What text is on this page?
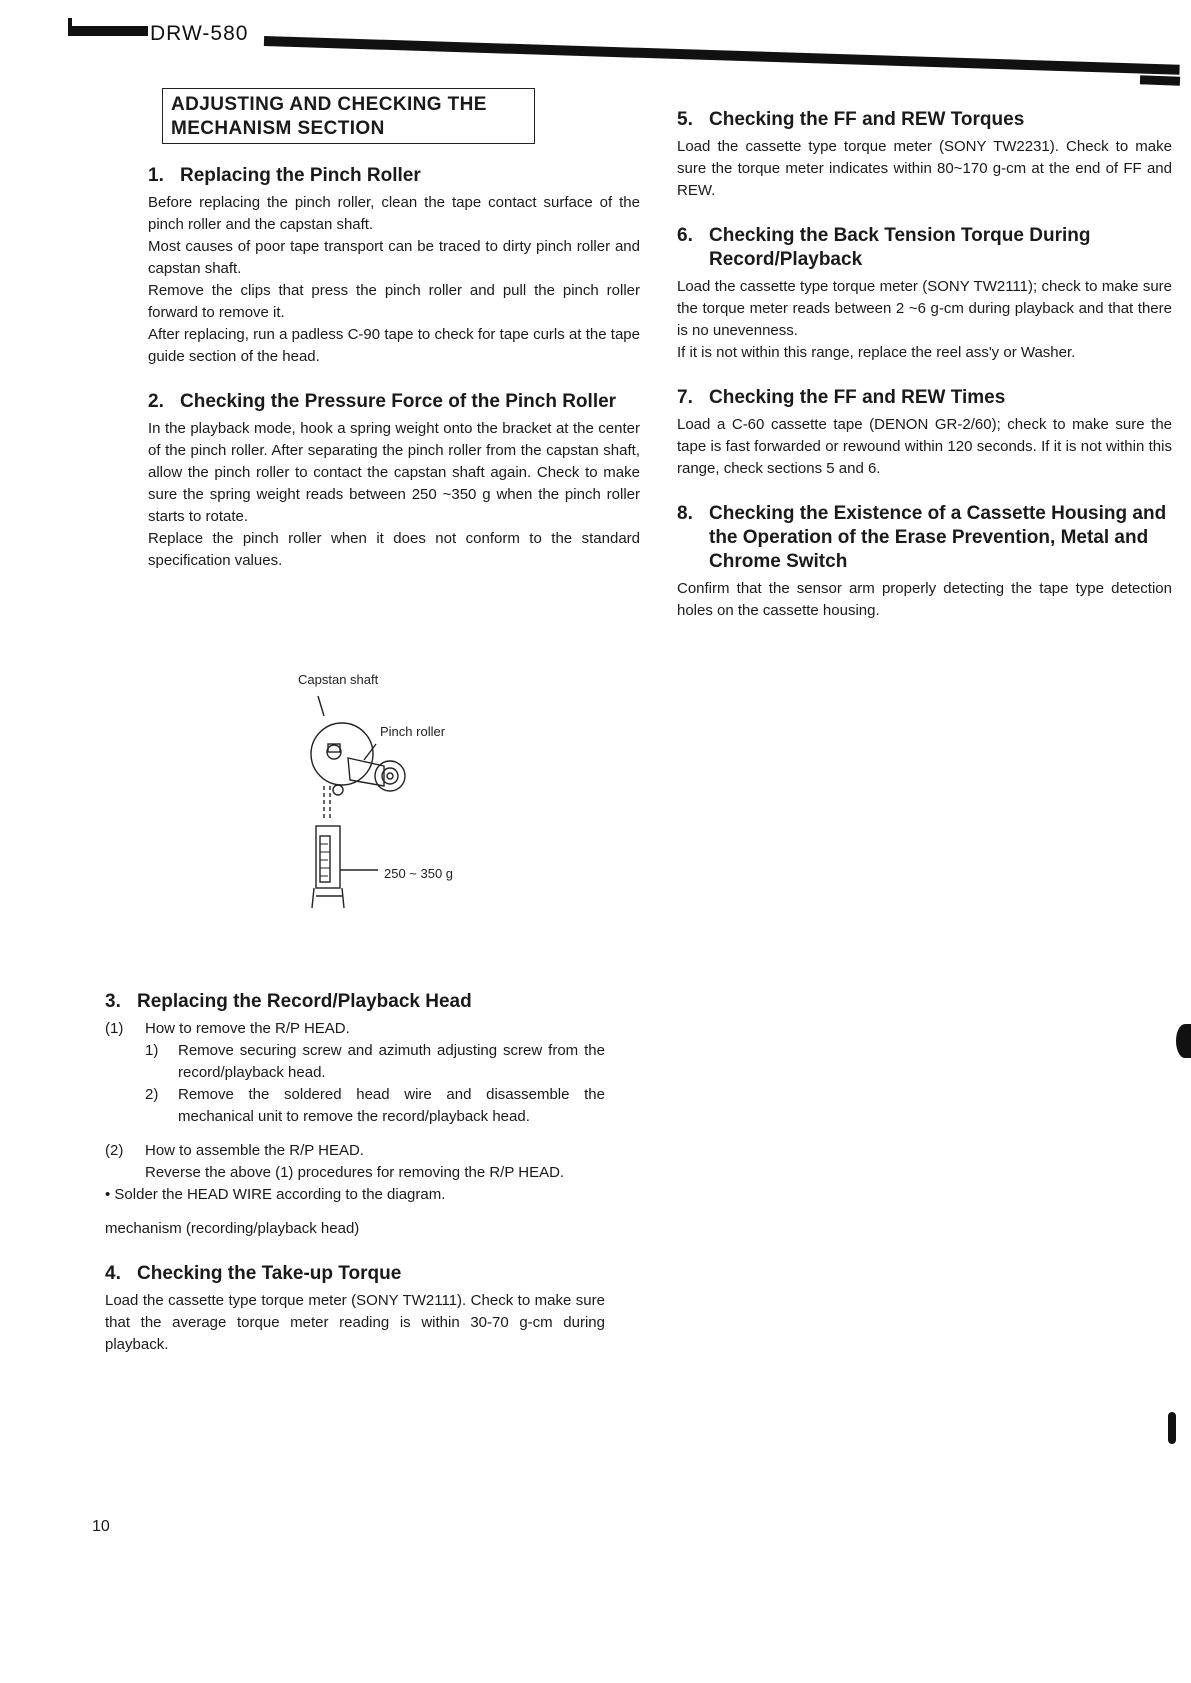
DRW-580
ADJUSTING AND CHECKING THE
MECHANISM SECTION
1. Replacing the Pinch Roller

Before replacing the pinch roller, clean the tape contact surface of the pinch roller and the capstan shaft.

Most causes of poor tape transport can be traced to dirty pinch roller and capstan shaft.

Remove the clips that press the pinch roller and pull the pinch roller forward to remove it.

After replacing, run a padless C-90 tape to check for tape curls at the tape guide section of the head.

2. Checking the Pressure Force of the Pinch Roller

In the playback mode, hook a spring weight onto the bracket at the center of the pinch roller. After separating the pinch roller from the capstan shaft, allow the pinch roller to contact the capstan shaft again. Check to make sure the spring weight reads between 250 ~350 g when the pinch roller starts to rotate.

Replace the pinch roller when it does not conform to the standard specification values.

Capstan shaft
Pinch roller
250 ~ 350 g
3. Replacing the Record/Playback Head
(1)	How to remove the R/P HEAD.
1)	Remove securing screw and azimuth adjusting screw from the record/playback head.
2)	Remove the soldered head wire and disassemble the mechanical unit to remove the record/playback head.
(2)	How to assemble the R/P HEAD.

Reverse the above (1) procedures for removing the R/P HEAD.

• Solder the HEAD WIRE according to the diagram.

mechanism (recording/playback head)

4. Checking the Take-up Torque

Load the cassette type torque meter (SONY TW2111). Check to make sure that the average torque meter reading is within 30-70 g-cm during playback.

5. Checking the FF and REW Torques

Load the cassette type torque meter (SONY TW2231). Check to make sure the torque meter indicates within 80~170 g-cm at the end of FF and REW.

6. Checking the Back Tension Torque During Record/Playback

Load the cassette type torque meter (SONY TW2111); check to make sure the torque meter reads between 2 ~6 g-cm during playback and that there is no unevenness.

If it is not within this range, replace the reel ass'y or Washer.

7. Checking the FF and REW Times

Load a C-60 cassette tape (DENON GR-2/60); check to make sure the tape is fast forwarded or rewound within 120 seconds. If it is not within this range, check sections 5 and 6.

8. Checking the Existence of a Cassette Housing and the Operation of the Erase Prevention, Metal and Chrome Switch

Confirm that the sensor arm properly detecting the tape type detection holes on the cassette housing.

10
